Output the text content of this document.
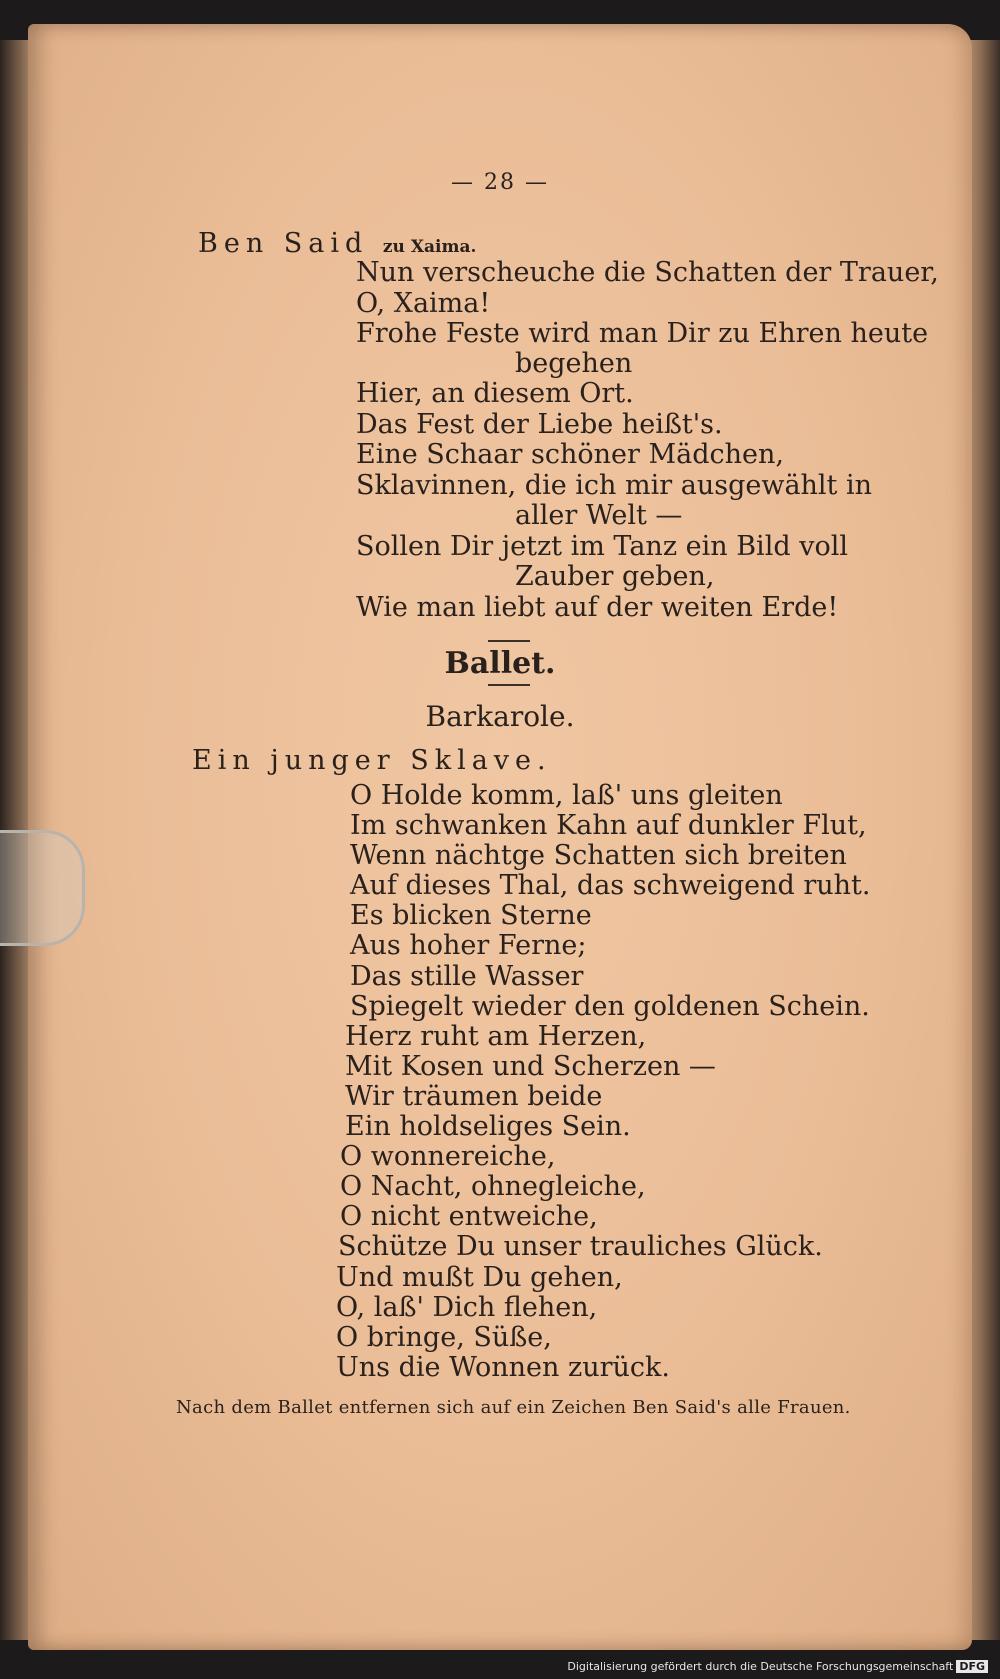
— 28 —
Ben Said zu Xaima.
Nun verscheuche die Schatten der Trauer,
O, Xaima!
Frohe Feste wird man Dir zu Ehren heute
begehen
Hier, an diesem Ort.
Das Fest der Liebe heißt's.
Eine Schaar schöner Mädchen,
Sklavinnen, die ich mir ausgewählt in
aller Welt —
Sollen Dir jetzt im Tanz ein Bild voll
Zauber geben,
Wie man liebt auf der weiten Erde!
Ballet.
Barkarole.
Ein junger Sklave.
O Holde komm, laß' uns gleiten
Im schwanken Kahn auf dunkler Flut,
Wenn nächtge Schatten sich breiten
Auf dieses Thal, das schweigend ruht.
Es blicken Sterne
Aus hoher Ferne;
Das stille Wasser
Spiegelt wieder den goldenen Schein.
Herz ruht am Herzen,
Mit Kosen und Scherzen —
Wir träumen beide
Ein holdseliges Sein.
O wonnereiche,
O Nacht, ohnegleiche,
O nicht entweiche,
Schütze Du unser trauliches Glück.
Und mußt Du gehen,
O, laß' Dich flehen,
O bringe, Süße,
Uns die Wonnen zurück.
Nach dem Ballet entfernen sich auf ein Zeichen Ben Said's alle Frauen.
Digitalisierung gefördert durch die Deutsche Forschungsgemeinschaft DFG
